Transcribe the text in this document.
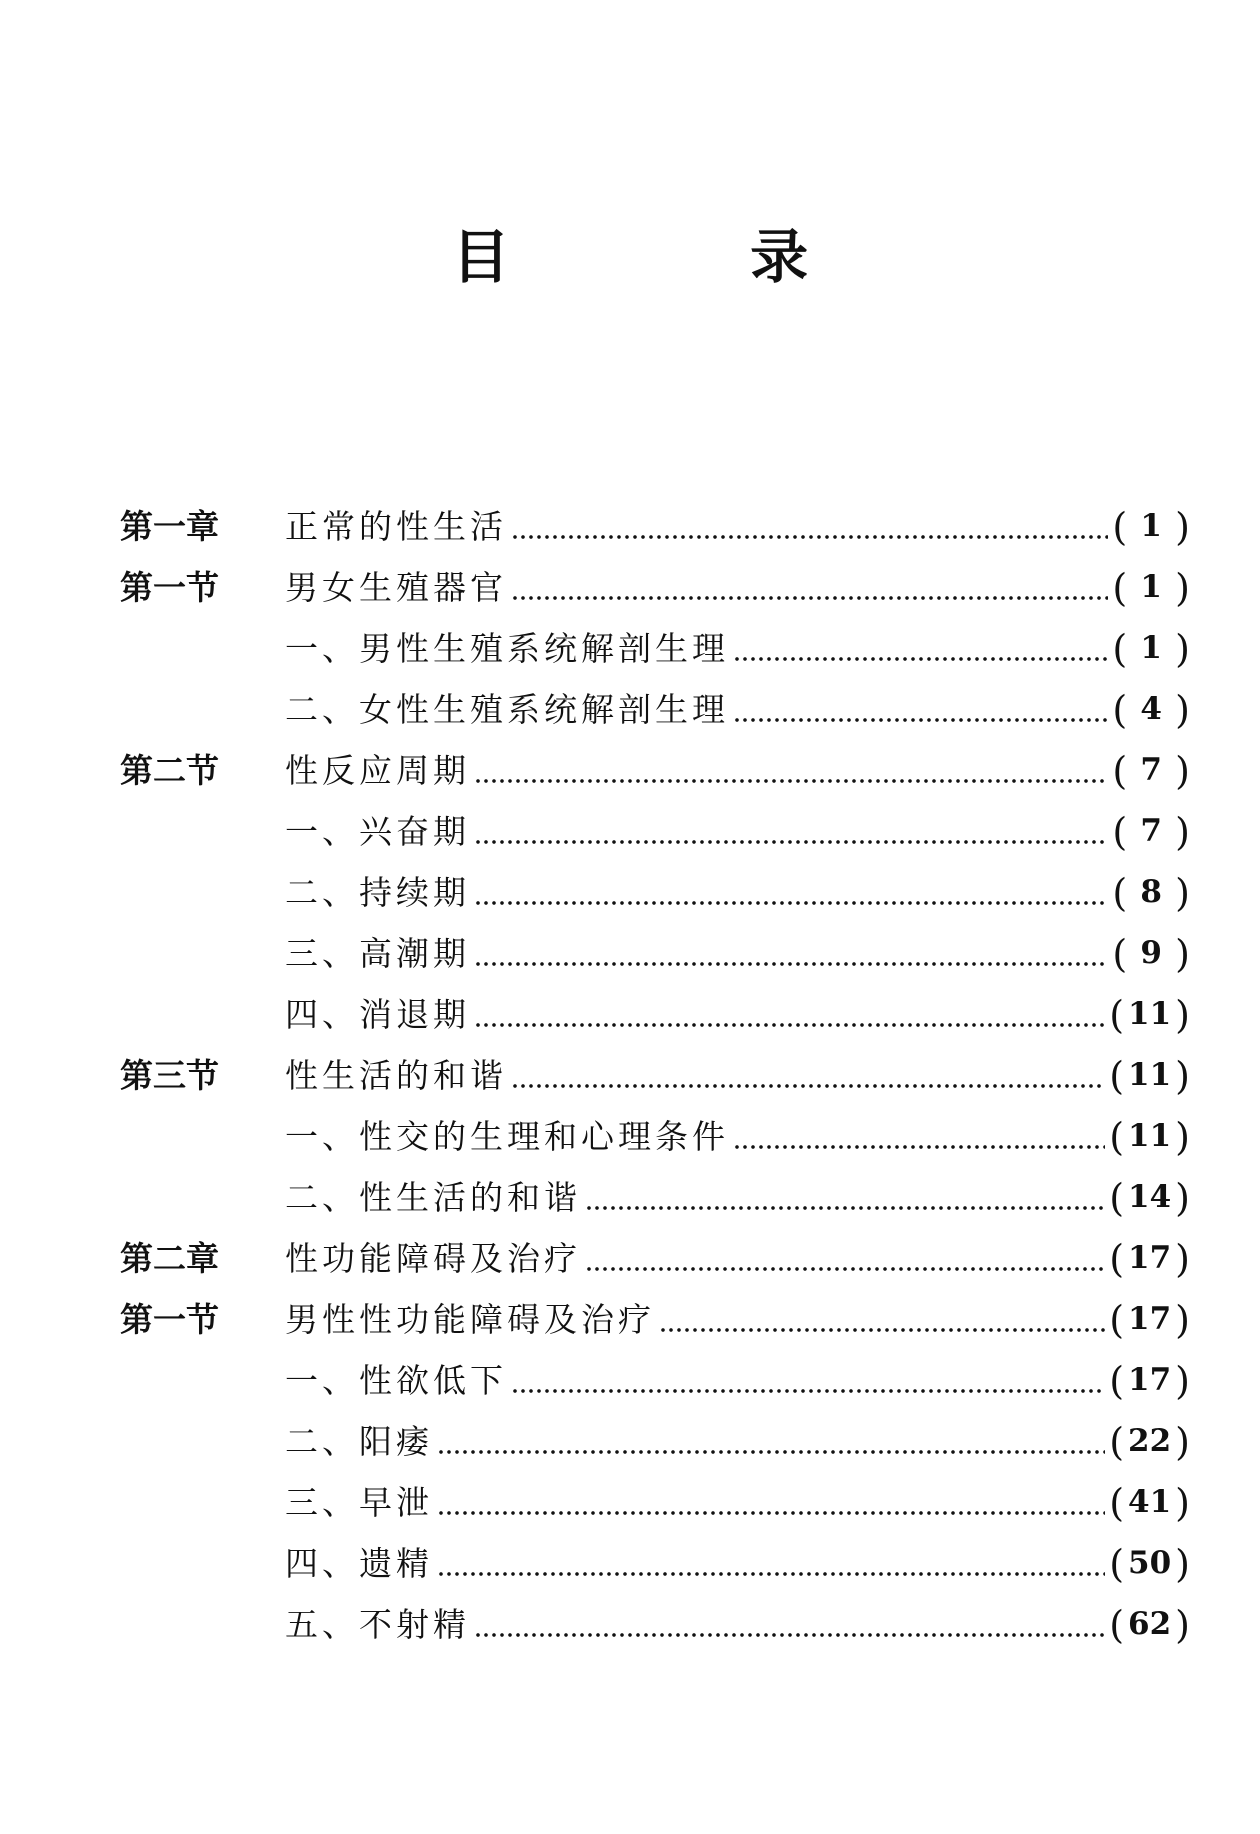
目 录
第一章	正常的性生活	( 1 )
第一节	男女生殖器官	( 1 )
一、男性生殖系统解剖生理	( 1 )
二、女性生殖系统解剖生理	( 4 )
第二节	性反应周期	( 7 )
一、兴奋期	( 7 )
二、持续期	( 8 )
三、高潮期	( 9 )
四、消退期	( 11 )
第三节	性生活的和谐	( 11 )
一、性交的生理和心理条件	( 11 )
二、性生活的和谐	( 14 )
第二章	性功能障碍及治疗	( 17 )
第一节	男性性功能障碍及治疗	( 17 )
一、性欲低下	( 17 )
二、阳痿	( 22 )
三、早泄	( 41 )
四、遗精	( 50 )
五、不射精	( 62 )
